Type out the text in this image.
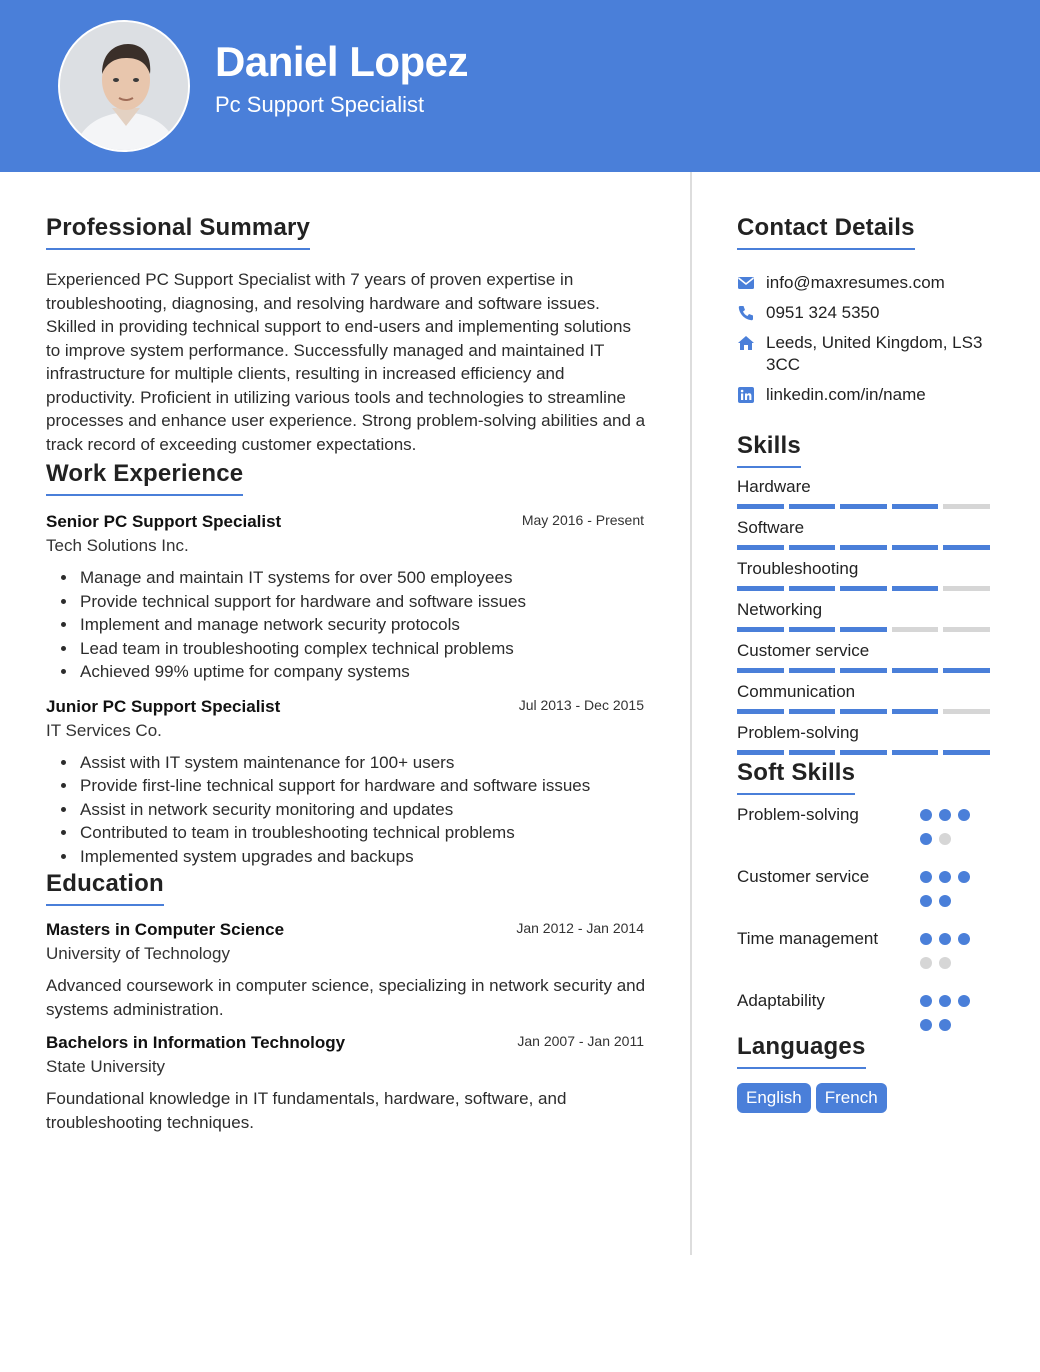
Daniel Lopez
Pc Support Specialist
Professional Summary

Experienced PC Support Specialist with 7 years of proven expertise in troubleshooting, diagnosing, and resolving hardware and software issues. Skilled in providing technical support to end-users and implementing solutions to improve system performance. Successfully managed and maintained IT infrastructure for multiple clients, resulting in increased efficiency and productivity. Proficient in utilizing various tools and technologies to streamline processes and enhance user experience. Strong problem-solving abilities and a track record of exceeding customer expectations.

Work Experience
Senior PC Support Specialist	May 2016 - Present
Tech Solutions Inc.
• Manage and maintain IT systems for over 500 employees
• Provide technical support for hardware and software issues
• Implement and manage network security protocols
• Lead team in troubleshooting complex technical problems
• Achieved 99% uptime for company systems
Junior PC Support Specialist	Jul 2013 - Dec 2015
IT Services Co.
• Assist with IT system maintenance for 100+ users
• Provide first-line technical support for hardware and software issues
• Assist in network security monitoring and updates
• Contributed to team in troubleshooting technical problems
• Implemented system upgrades and backups
Education
Masters in Computer Science	Jan 2012 - Jan 2014
University of Technology
Advanced coursework in computer science, specializing in network security and systems administration.
Bachelors in Information Technology	Jan 2007 - Jan 2011
State University
Foundational knowledge in IT fundamentals, hardware, software, and troubleshooting techniques.
Contact Details
info@maxresumes.com
0951 324 5350
Leeds, United Kingdom, LS3 3CC
linkedin.com/in/name
Skills
Hardware
Software
Troubleshooting
Networking
Customer service
Communication
Problem-solving
Soft Skills
Problem-solving
Customer service
Time management
Adaptability
Languages
English	French
